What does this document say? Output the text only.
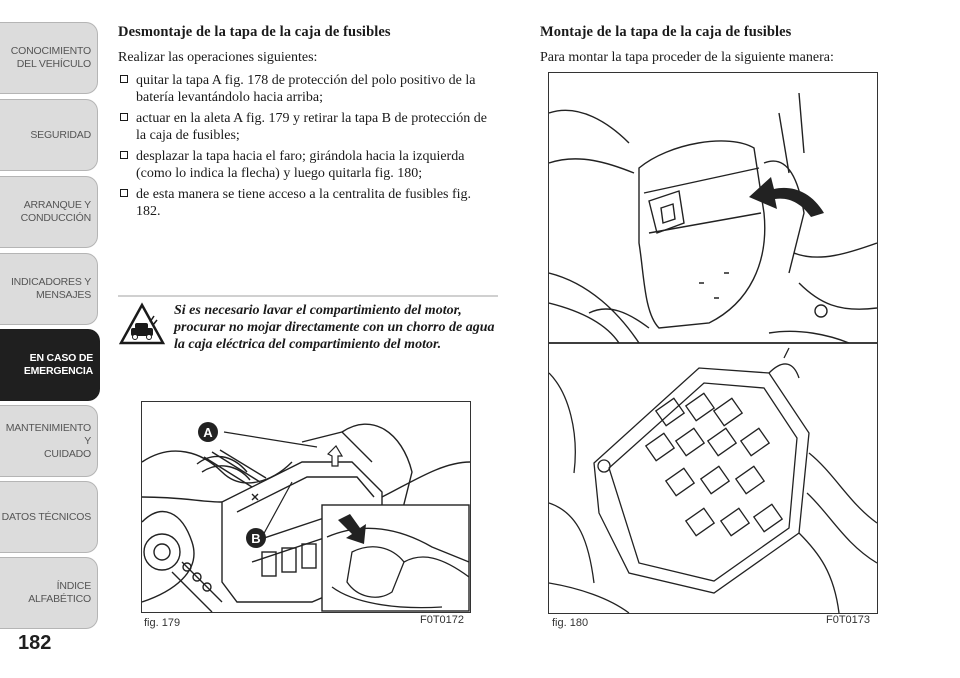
CONOCIMIENTO
DEL VEHÍCULO
SEGURIDAD
ARRANQUE Y
CONDUCCIÓN
INDICADORES Y
MENSAJES
EN CASO DE
EMERGENCIA
MANTENIMIENTO Y
CUIDADO
DATOS TÉCNICOS
ÍNDICE ALFABÉTICO
182
Desmontaje de la tapa de la caja de fusibles

Realizar las operaciones siguientes:

quitar la tapa A fig. 178 de protección del polo positivo de la batería levantándolo hacia arriba;
actuar en la aleta A fig. 179 y retirar la tapa B de protección de la caja de fusibles;
desplazar la tapa hacia el faro; girándola hacia la izquierda (como lo indica la flecha) y luego quitarla fig. 180;
de esta manera se tiene acceso a la centralita de fusibles fig. 182.

Si es necesario lavar el compartimiento del motor, procurar no mojar directamente con un chorro de agua la caja eléctrica del compartimiento del motor.

A
B
fig. 179	F0T0172	fig. 180	F0T0173
Montaje de la tapa de la caja de fusibles

Para montar la tapa proceder de la siguiente manera:
